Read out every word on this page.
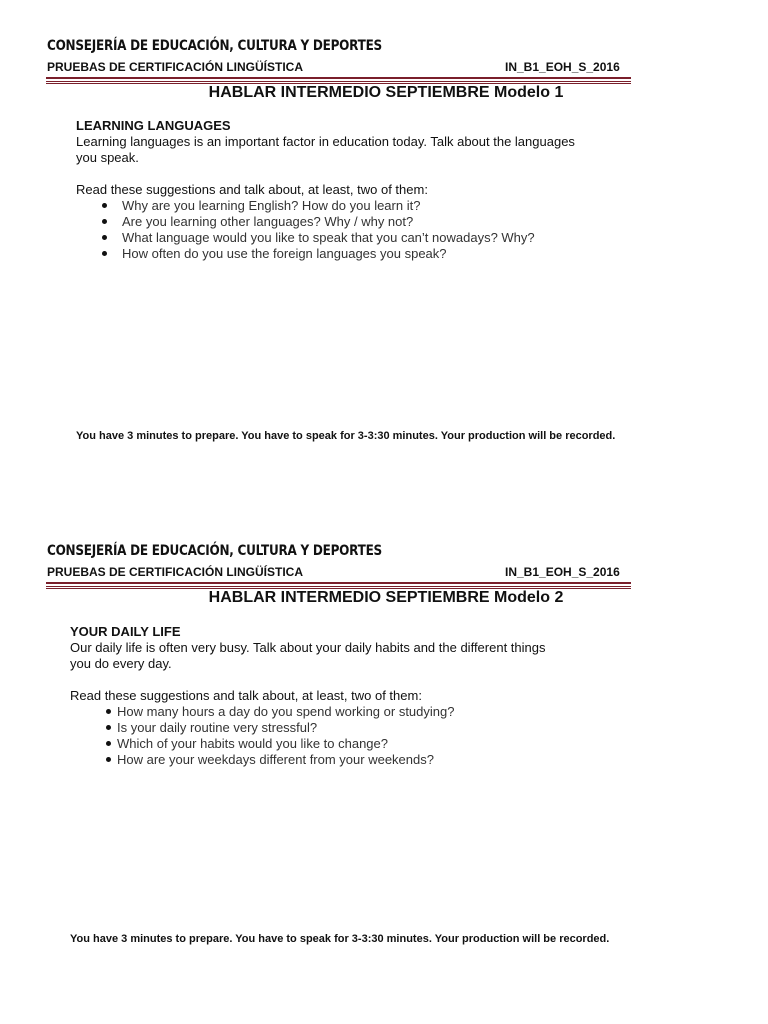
CONSEJERÍA DE EDUCACIÓN, CULTURA Y DEPORTES
PRUEBAS DE CERTIFICACIÓN LINGÜÍSTICA	IN_B1_EOH_S_2016
HABLAR INTERMEDIO SEPTIEMBRE Modelo 1

LEARNING LANGUAGES

Learning languages is an important factor in education today. Talk about the languages you speak.

Read these suggestions and talk about, at least, two of them:

Why are you learning English? How do you learn it?
Are you learning other languages? Why / why not?
What language would you like to speak that you can’t nowadays? Why?
How often do you use the foreign languages you speak?
You have 3 minutes to prepare. You have to speak for 3-3:30 minutes. Your production will be recorded.
CONSEJERÍA DE EDUCACIÓN, CULTURA Y DEPORTES
PRUEBAS DE CERTIFICACIÓN LINGÜÍSTICA	IN_B1_EOH_S_2016
HABLAR INTERMEDIO SEPTIEMBRE Modelo 2

YOUR DAILY LIFE

Our daily life is often very busy. Talk about your daily habits and the different things you do every day.

Read these suggestions and talk about, at least, two of them:

How many hours a day do you spend working or studying?
Is your daily routine very stressful?
Which of your habits would you like to change?
How are your weekdays different from your weekends?
You have 3 minutes to prepare. You have to speak for 3-3:30 minutes. Your production will be recorded.
